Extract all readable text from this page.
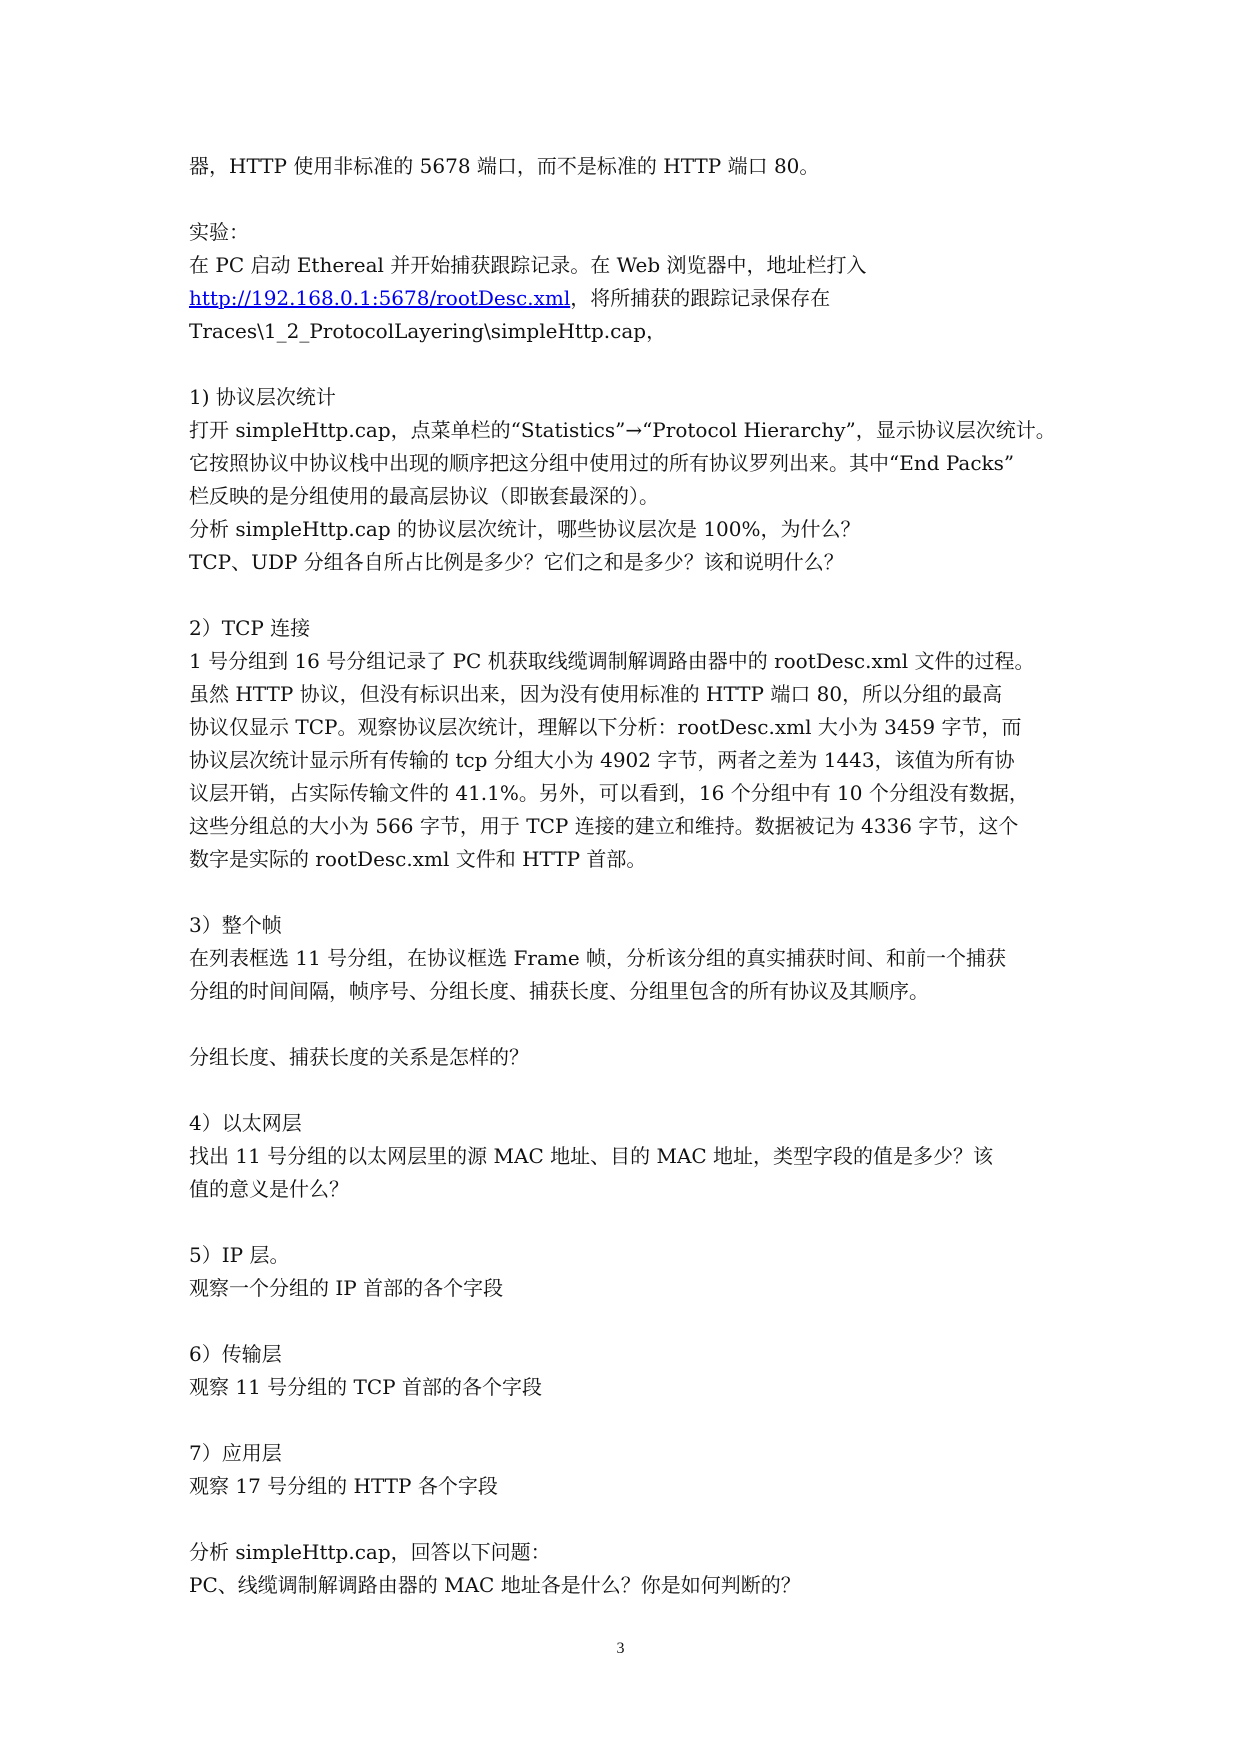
器，HTTP 使用非标准的 5678 端口，而不是标准的 HTTP 端口 80。
实验：
在 PC 启动 Ethereal 并开始捕获跟踪记录。在 Web 浏览器中，地址栏打入
http://192.168.0.1:5678/rootDesc.xml，将所捕获的跟踪记录保存在
Traces\1_2_ProtocolLayering\simpleHttp.cap，
1) 协议层次统计
打开 simpleHttp.cap，点菜单栏的“Statistics”→“Protocol Hierarchy”，显示协议层次统计。
它按照协议中协议栈中出现的顺序把这分组中使用过的所有协议罗列出来。其中“End Packs”
栏反映的是分组使用的最高层协议（即嵌套最深的）。
分析 simpleHttp.cap 的协议层次统计，哪些协议层次是 100%，为什么？
TCP、UDP 分组各自所占比例是多少？它们之和是多少？该和说明什么？
2）TCP 连接
1 号分组到 16 号分组记录了 PC 机获取线缆调制解调路由器中的 rootDesc.xml 文件的过程。
虽然 HTTP 协议，但没有标识出来，因为没有使用标准的 HTTP 端口 80，所以分组的最高
协议仅显示 TCP。观察协议层次统计，理解以下分析：rootDesc.xml 大小为 3459 字节，而
协议层次统计显示所有传输的 tcp 分组大小为 4902 字节，两者之差为 1443，该值为所有协
议层开销，占实际传输文件的 41.1%。另外，可以看到，16 个分组中有 10 个分组没有数据，
这些分组总的大小为 566 字节，用于 TCP 连接的建立和维持。数据被记为 4336 字节，这个
数字是实际的 rootDesc.xml 文件和 HTTP 首部。
3）整个帧
在列表框选 11 号分组，在协议框选 Frame 帧，分析该分组的真实捕获时间、和前一个捕获
分组的时间间隔，帧序号、分组长度、捕获长度、分组里包含的所有协议及其顺序。
分组长度、捕获长度的关系是怎样的？
4）以太网层
找出 11 号分组的以太网层里的源 MAC 地址、目的 MAC 地址，类型字段的值是多少？该
值的意义是什么？
5）IP 层。
观察一个分组的 IP 首部的各个字段
6）传输层
观察 11 号分组的 TCP 首部的各个字段
7）应用层
观察 17 号分组的 HTTP 各个字段
分析 simpleHttp.cap，回答以下问题：
PC、线缆调制解调路由器的 MAC 地址各是什么？你是如何判断的？
3
